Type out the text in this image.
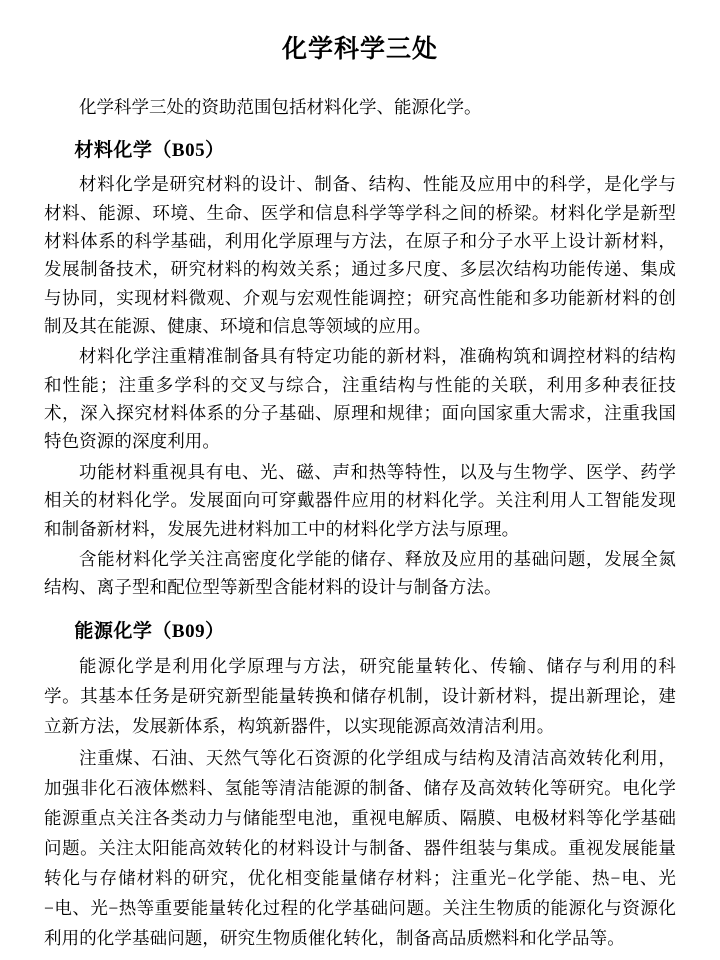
化学科学三处

化学科学三处的资助范围包括材料化学、能源化学。

材料化学（B05）

材料化学是研究材料的设计、制备、结构、性能及应用中的科学，是化学与材料、能源、环境、生命、医学和信息科学等学科之间的桥梁。材料化学是新型材料体系的科学基础，利用化学原理与方法，在原子和分子水平上设计新材料，发展制备技术，研究材料的构效关系；通过多尺度、多层次结构功能传递、集成与协同，实现材料微观、介观与宏观性能调控；研究高性能和多功能新材料的创制及其在能源、健康、环境和信息等领域的应用。

材料化学注重精准制备具有特定功能的新材料，准确构筑和调控材料的结构和性能；注重多学科的交叉与综合，注重结构与性能的关联，利用多种表征技术，深入探究材料体系的分子基础、原理和规律；面向国家重大需求，注重我国特色资源的深度利用。

功能材料重视具有电、光、磁、声和热等特性，以及与生物学、医学、药学相关的材料化学。发展面向可穿戴器件应用的材料化学。关注利用人工智能发现和制备新材料，发展先进材料加工中的材料化学方法与原理。

含能材料化学关注高密度化学能的储存、释放及应用的基础问题，发展全氮结构、离子型和配位型等新型含能材料的设计与制备方法。

能源化学（B09）

能源化学是利用化学原理与方法，研究能量转化、传输、储存与利用的科学。其基本任务是研究新型能量转换和储存机制，设计新材料，提出新理论，建立新方法，发展新体系，构筑新器件，以实现能源高效清洁利用。

注重煤、石油、天然气等化石资源的化学组成与结构及清洁高效转化利用，加强非化石液体燃料、氢能等清洁能源的制备、储存及高效转化等研究。电化学能源重点关注各类动力与储能型电池，重视电解质、隔膜、电极材料等化学基础问题。关注太阳能高效转化的材料设计与制备、器件组装与集成。重视发展能量转化与存储材料的研究，优化相变能量储存材料；注重光−化学能、热−电、光−电、光−热等重要能量转化过程的化学基础问题。关注生物质的能源化与资源化利用的化学基础问题，研究生物质催化转化，制备高品质燃料和化学品等。
